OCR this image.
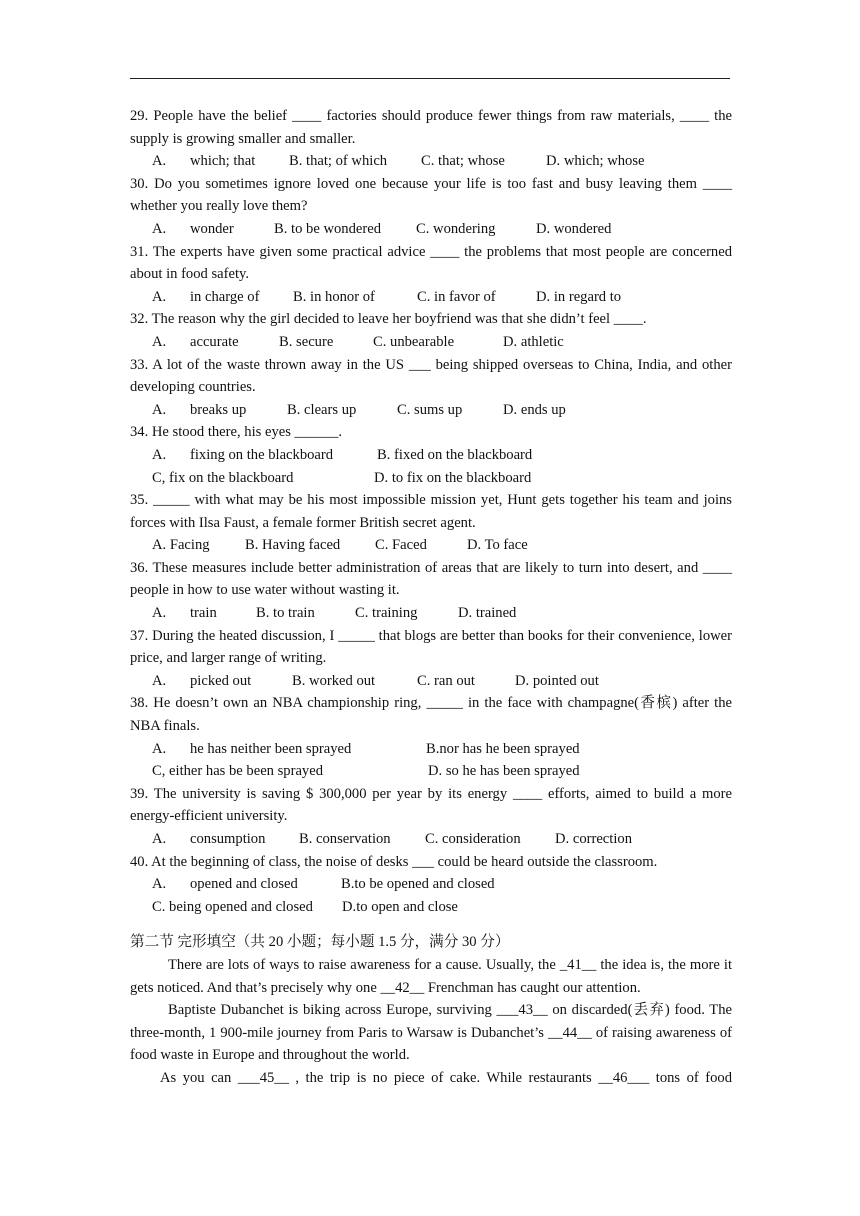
29. People have the belief ____ factories should produce fewer things from raw materials, ____ the supply is growing smaller and smaller.
A. which; that B. that; of which C. that; whose	D. which; whose
30. Do you sometimes ignore loved one because your life is too fast and busy leaving them ____ whether you really love them?
A. wonder	B. to be wondered C. wondering	D. wondered
31. The experts have given some practical advice ____ the problems that most people are concerned about in food safety.
A. in charge of B. in honor of	C. in favor of	D. in regard to
32. The reason why the girl decided to leave her boyfriend was that she didn’t feel ____.
A. accurate	B. secure	C. unbearable	D. athletic
33. A lot of the waste thrown away in the US ___ being shipped overseas to China, India, and other developing countries.
A. breaks up	B. clears up	C. sums up	D. ends up
34. He stood there, his eyes ______.
A. fixing on the blackboard	B. fixed on the blackboard
C, fix on the blackboard	D. to fix on the blackboard
35. _____ with what may be his most impossible mission yet, Hunt gets together his team and joins forces with Ilsa Faust, a female former British secret agent.
A. Facing B. Having faced C. Faced	D. To face
36. These measures include better administration of areas that are likely to turn into desert, and ____ people in how to use water without wasting it.
A. train	B. to train	C. training	D. trained
37. During the heated discussion, I _____ that blogs are better than books for their convenience, lower price, and larger range of writing.
A. picked out	B. worked out	C. ran out	D. pointed out
38. He doesn’t own an NBA championship ring, _____ in the face with champagne(香槟) after the NBA finals.
A. he has neither been sprayed	B.nor has he been sprayed
C, either has be been sprayed	D. so he has been sprayed
39. The university is saving $ 300,000 per year by its energy ____ efforts, aimed to build a more energy-efficient university.
A. consumption B. conservation C. consideration D. correction
40. At the beginning of class, the noise of desks ___ could be heard outside the classroom.
A. opened and closed	B.to be opened and closed
C. being opened and closed D.to open and close
第二节 完形填空（共 20 小题；每小题 1.5 分，满分 30 分）
There are lots of ways to raise awareness for a cause. Usually, the _41__ the idea is, the more it gets noticed. And that’s precisely why one __42__ Frenchman has caught our attention.
Baptiste Dubanchet is biking across Europe, surviving ___43__ on discarded(丢弃) food. The three-month, 1 900-mile journey from Paris to Warsaw is Dubanchet’s __44__ of raising awareness of food waste in Europe and throughout the world.
As you can ___45__ , the trip is no piece of cake. While restaurants __46___ tons of food
